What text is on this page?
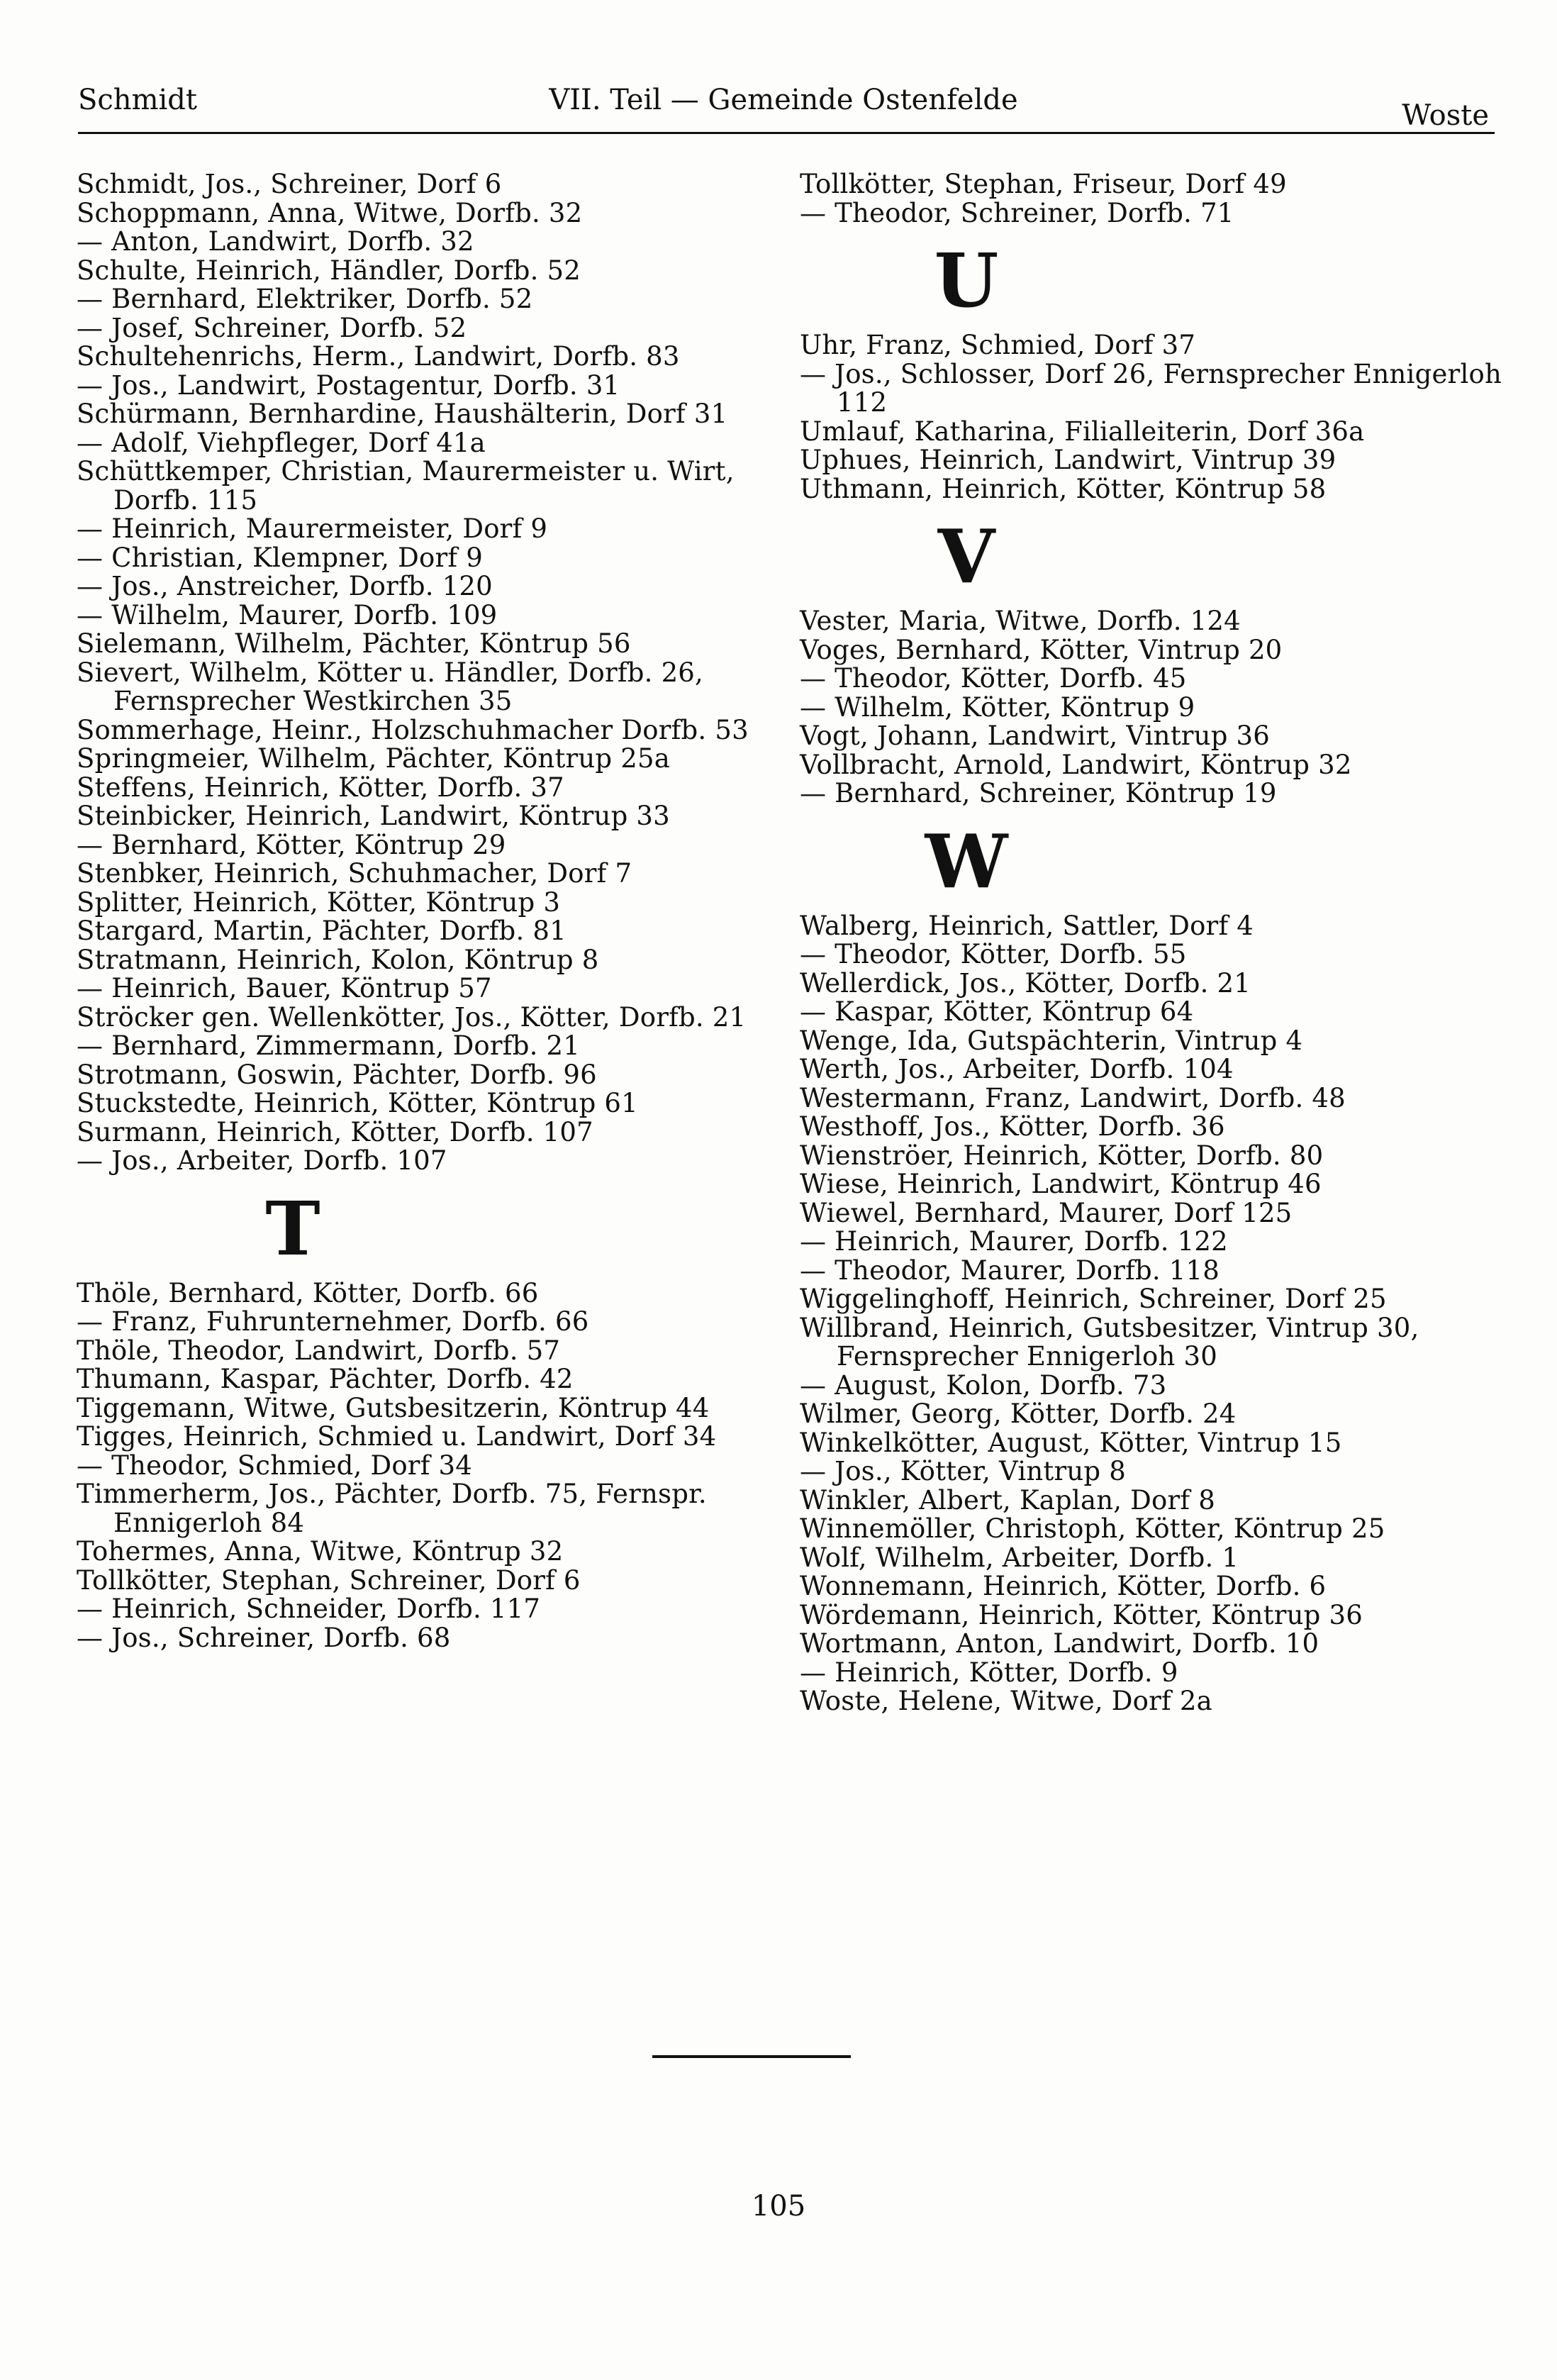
Schmidt	VII. Teil — Gemeinde Ostenfelde	Woste
Schmidt, Jos., Schreiner, Dorf 6
Schoppmann, Anna, Witwe, Dorfb. 32
— Anton, Landwirt, Dorfb. 32
Schulte, Heinrich, Händler, Dorfb. 52
— Bernhard, Elektriker, Dorfb. 52
— Josef, Schreiner, Dorfb. 52
Schultehenrichs, Herm., Landwirt, Dorfb. 83
— Jos., Landwirt, Postagentur, Dorfb. 31
Schürmann, Bernhardine, Haushälterin, Dorf 31
— Adolf, Viehpfleger, Dorf 41a
Schüttkemper, Christian, Maurermeister u. Wirt, Dorfb. 115
— Heinrich, Maurermeister, Dorf 9
— Christian, Klempner, Dorf 9
— Jos., Anstreicher, Dorfb. 120
— Wilhelm, Maurer, Dorfb. 109
Sielemann, Wilhelm, Pächter, Köntrup 56
Sievert, Wilhelm, Kötter u. Händler, Dorfb. 26, Fernsprecher Westkirchen 35
Sommerhage, Heinr., Holzschuhmacher Dorfb. 53
Springmeier, Wilhelm, Pächter, Köntrup 25a
Steffens, Heinrich, Kötter, Dorfb. 37
Steinbicker, Heinrich, Landwirt, Köntrup 33
— Bernhard, Kötter, Köntrup 29
Stenbker, Heinrich, Schuhmacher, Dorf 7
Splitter, Heinrich, Kötter, Köntrup 3
Stargard, Martin, Pächter, Dorfb. 81
Stratmann, Heinrich, Kolon, Köntrup 8
— Heinrich, Bauer, Köntrup 57
Ströcker gen. Wellenkötter, Jos., Kötter, Dorfb. 21
— Bernhard, Zimmermann, Dorfb. 21
Strotmann, Goswin, Pächter, Dorfb. 96
Stuckstedte, Heinrich, Kötter, Köntrup 61
Surmann, Heinrich, Kötter, Dorfb. 107
— Jos., Arbeiter, Dorfb. 107
T
Thöle, Bernhard, Kötter, Dorfb. 66
— Franz, Fuhrunternehmer, Dorfb. 66
Thöle, Theodor, Landwirt, Dorfb. 57
Thumann, Kaspar, Pächter, Dorfb. 42
Tiggemann, Witwe, Gutsbesitzerin, Köntrup 44
Tigges, Heinrich, Schmied u. Landwirt, Dorf 34
— Theodor, Schmied, Dorf 34
Timmerherm, Jos., Pächter, Dorfb. 75, Fernspr. Ennigerloh 84
Tohermes, Anna, Witwe, Köntrup 32
Tollkötter, Stephan, Schreiner, Dorf 6
— Heinrich, Schneider, Dorfb. 117
— Jos., Schreiner, Dorfb. 68
Tollkötter, Stephan, Friseur, Dorf 49
— Theodor, Schreiner, Dorfb. 71
U
Uhr, Franz, Schmied, Dorf 37
— Jos., Schlosser, Dorf 26, Fernsprecher Ennigerloh 112
Umlauf, Katharina, Filialleiterin, Dorf 36a
Uphues, Heinrich, Landwirt, Vintrup 39
Uthmann, Heinrich, Kötter, Köntrup 58
V
Vester, Maria, Witwe, Dorfb. 124
Voges, Bernhard, Kötter, Vintrup 20
— Theodor, Kötter, Dorfb. 45
— Wilhelm, Kötter, Köntrup 9
Vogt, Johann, Landwirt, Vintrup 36
Vollbracht, Arnold, Landwirt, Köntrup 32
— Bernhard, Schreiner, Köntrup 19
W
Walberg, Heinrich, Sattler, Dorf 4
— Theodor, Kötter, Dorfb. 55
Wellerdick, Jos., Kötter, Dorfb. 21
— Kaspar, Kötter, Köntrup 64
Wenge, Ida, Gutspächterin, Vintrup 4
Werth, Jos., Arbeiter, Dorfb. 104
Westermann, Franz, Landwirt, Dorfb. 48
Westhoff, Jos., Kötter, Dorfb. 36
Wienströer, Heinrich, Kötter, Dorfb. 80
Wiese, Heinrich, Landwirt, Köntrup 46
Wiewel, Bernhard, Maurer, Dorf 125
— Heinrich, Maurer, Dorfb. 122
— Theodor, Maurer, Dorfb. 118
Wiggelinghoff, Heinrich, Schreiner, Dorf 25
Willbrand, Heinrich, Gutsbesitzer, Vintrup 30, Fernsprecher Ennigerloh 30
— August, Kolon, Dorfb. 73
Wilmer, Georg, Kötter, Dorfb. 24
Winkelkötter, August, Kötter, Vintrup 15
— Jos., Kötter, Vintrup 8
Winkler, Albert, Kaplan, Dorf 8
Winnemöller, Christoph, Kötter, Köntrup 25
Wolf, Wilhelm, Arbeiter, Dorfb. 1
Wonnemann, Heinrich, Kötter, Dorfb. 6
Wördemann, Heinrich, Kötter, Köntrup 36
Wortmann, Anton, Landwirt, Dorfb. 10
— Heinrich, Kötter, Dorfb. 9
Woste, Helene, Witwe, Dorf 2a
105
